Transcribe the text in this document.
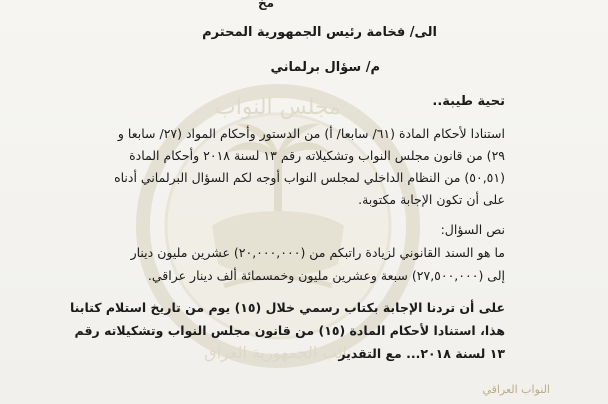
مجلس النواب
نائب الجمهورية العراق
مخ
الى/ فخامة رئيس الجمهورية المحترم
م/ سؤال برلماني
تحية طيبة..
استنادا لأحكام المادة (٦١/ سابعا/ أ) من الدستور وأحكام المواد (٢٧/ سابعا و
٢٩) من قانون مجلس النواب وتشكيلاته رقم ١٣ لسنة ٢٠١٨ وأحكام المادة
(٥٠,٥١) من النظام الداخلي لمجلس النواب أوجه لكم السؤال البرلماني أدناه
على أن تكون الإجابة مكتوبة.
نص السؤال:
ما هو السند القانوني لزيادة راتبكم من (٢٠,٠٠٠,٠٠٠) عشرين مليون دينار
إلى (٢٧,٥٠٠,٠٠٠) سبعة وعشرين مليون وخمسمائة ألف دينار عراقي.
على أن تردنا الإجابة بكتاب رسمي خلال (١٥) يوم من تاريخ استلام كتابنا
هذا، استنادا لأحكام المادة (١٥) من قانون مجلس النواب وتشكيلاته رقم
١٣ لسنة ٢٠١٨... مع التقدير
النواب العراقي
